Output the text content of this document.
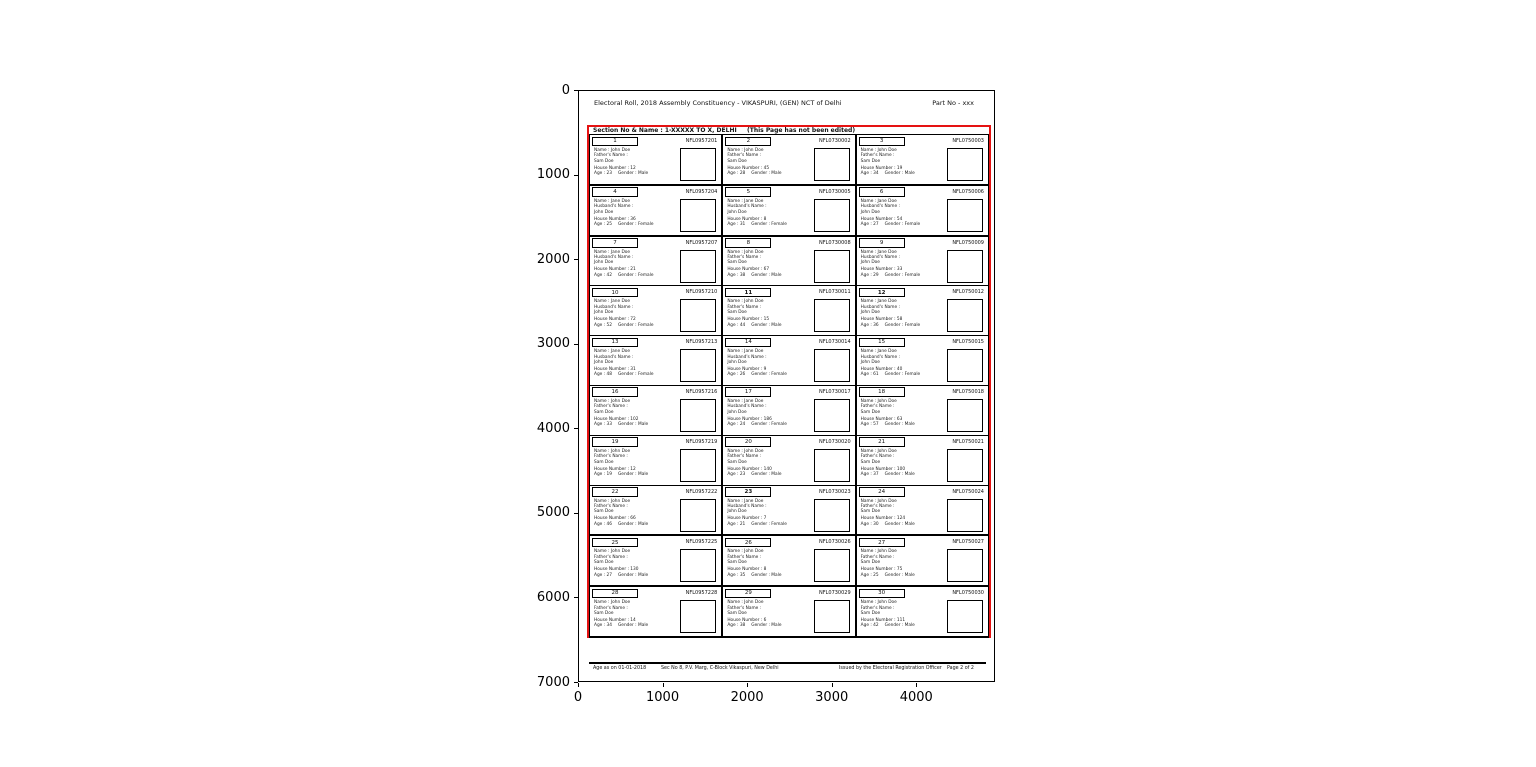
Electoral Roll, 2018 Assembly Constituency - VIKASPURI, (GEN) NCT of Delhi	Part No - xxx
Section No & Name : 1-XXXXX TO X, DELHI (This Page has not been edited)
1	NFL0957201
Name : John Doe
Father's Name :
Sam Doe
House Number : 12
Age : 23 Gender : Male
2	NFL0730002
Name : John Doe
Father's Name :
Sam Doe
House Number : 45
Age : 28 Gender : Male
3	NFL0750003
Name : John Doe
Father's Name :
Sam Doe
House Number : 19
Age : 34 Gender : Male
4	NFL0957204
Name : Jane Doe
Husband's Name :
John Doe
House Number : 36
Age : 25 Gender : Female
5	NFL0730005
Name : Jane Doe
Husband's Name :
John Doe
House Number : 8
Age : 31 Gender : Female
6	NFL0750006
Name : Jane Doe
Husband's Name :
John Doe
House Number : 54
Age : 27 Gender : Female
7	NFL0957207
Name : Jane Doe
Husband's Name :
John Doe
House Number : 21
Age : 42 Gender : Female
8	NFL0730008
Name : John Doe
Father's Name :
Sam Doe
House Number : 67
Age : 38 Gender : Male
9	NFL0750009
Name : Jane Doe
Husband's Name :
John Doe
House Number : 33
Age : 29 Gender : Female
10	NFL0957210
Name : Jane Doe
Husband's Name :
John Doe
House Number : 72
Age : 52 Gender : Female
11	NFL0730011
Name : John Doe
Father's Name :
Sam Doe
House Number : 15
Age : 44 Gender : Male
12	NFL0750012
Name : Jane Doe
Husband's Name :
John Doe
House Number : 58
Age : 36 Gender : Female
13	NFL0957213
Name : Jane Doe
Husband's Name :
John Doe
House Number : 31
Age : 48 Gender : Female
14	NFL0730014
Name : Jane Doe
Husband's Name :
John Doe
House Number : 9
Age : 26 Gender : Female
15	NFL0750015
Name : Jane Doe
Husband's Name :
John Doe
House Number : 40
Age : 61 Gender : Female
16	NFL0957216
Name : John Doe
Father's Name :
Sam Doe
House Number : 102
Age : 33 Gender : Male
17	NFL0730017
Name : Jane Doe
Husband's Name :
John Doe
House Number : 186
Age : 24 Gender : Female
18	NFL0750018
Name : John Doe
Father's Name :
Sam Doe
House Number : 63
Age : 57 Gender : Male
19	NFL0957219
Name : John Doe
Father's Name :
Sam Doe
House Number : 12
Age : 19 Gender : Male
20	NFL0730020
Name : John Doe
Father's Name :
Sam Doe
House Number : 140
Age : 23 Gender : Male
21	NFL0750021
Name : John Doe
Father's Name :
Sam Doe
House Number : 100
Age : 37 Gender : Male
22	NFL0957222
Name : John Doe
Father's Name :
Sam Doe
House Number : 66
Age : 46 Gender : Male
23	NFL0730023
Name : Jane Doe
Husband's Name :
John Doe
House Number : 7
Age : 21 Gender : Female
24	NFL0750024
Name : John Doe
Father's Name :
Sam Doe
House Number : 124
Age : 30 Gender : Male
25	NFL0957225
Name : John Doe
Father's Name :
Sam Doe
House Number : 130
Age : 27 Gender : Male
26	NFL0730026
Name : John Doe
Father's Name :
Sam Doe
House Number : 8
Age : 35 Gender : Male
27	NFL0750027
Name : John Doe
Father's Name :
Sam Doe
House Number : 75
Age : 25 Gender : Male
28	NFL0957228
Name : John Doe
Father's Name :
Sam Doe
House Number : 14
Age : 34 Gender : Male
29	NFL0730029
Name : John Doe
Father's Name :
Sam Doe
House Number : 6
Age : 38 Gender : Male
30	NFL0750030
Name : John Doe
Father's Name :
Sam Doe
House Number : 111
Age : 42 Gender : Male
Age as on 01-01-2018	Sec No 8, P.V. Marg, C-Block Vikaspuri, New Delhi	Issued by the Electoral Registration Officer Page 2 of 2
0
1000
2000
3000
4000
5000
6000
7000
0	1000	2000	3000	4000
